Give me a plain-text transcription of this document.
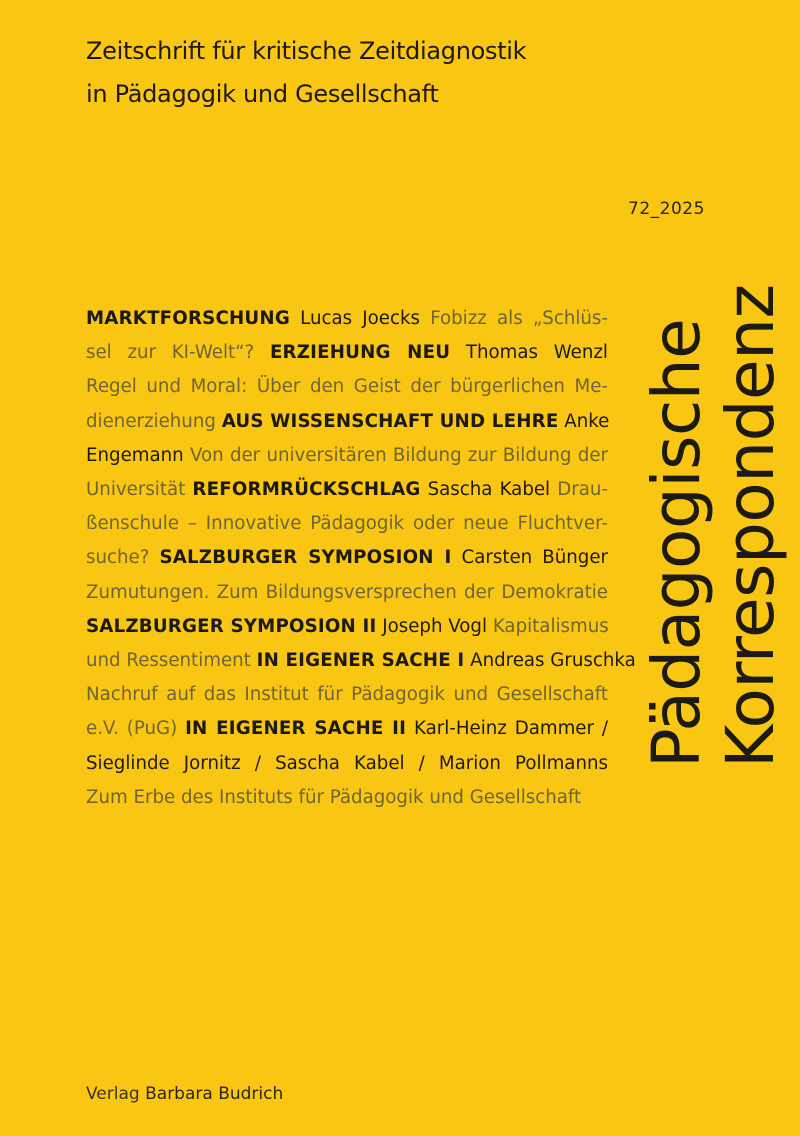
Zeitschrift für kritische Zeitdiagnostik
in Pädagogik und Gesellschaft
72_2025
Pädagogische
Korrespondenz
MARKTFORSCHUNG Lucas Joecks Fobizz als „Schlüs-
sel zur KI-Welt“? ERZIEHUNG NEU Thomas Wenzl
Regel und Moral: Über den Geist der bürgerlichen Me-
dienerziehung AUS WISSENSCHAFT UND LEHRE Anke
Engemann Von der universitären Bildung zur Bildung der
Universität REFORMRÜCKSCHLAG Sascha Kabel Drau-
ßenschule – Innovative Pädagogik oder neue Fluchtver-
suche? SALZBURGER SYMPOSION I Carsten Bünger
Zumutungen. Zum Bildungsversprechen der Demokratie
SALZBURGER SYMPOSION II Joseph Vogl Kapitalismus
und Ressentiment IN EIGENER SACHE I Andreas Gruschka
Nachruf auf das Institut für Pädagogik und Gesellschaft
e.V. (PuG) IN EIGENER SACHE II Karl-Heinz Dammer /
Sieglinde Jornitz / Sascha Kabel / Marion Pollmanns
Zum Erbe des Instituts für Pädagogik und Gesellschaft
Verlag Barbara Budrich
